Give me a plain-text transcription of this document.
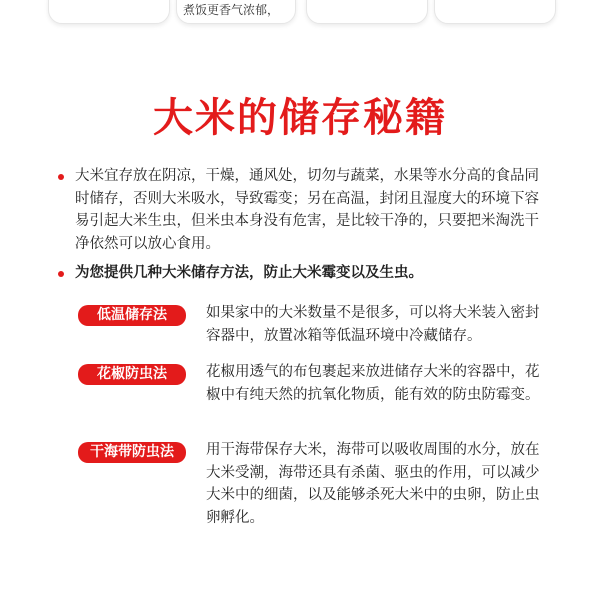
煮饭更香气浓郁，
大米的储存秘籍

大米宜存放在阴凉，干燥，通风处，切勿与蔬菜，水果等水分高的食品同时储存，否则大米吸水，导致霉变；另在高温，封闭且湿度大的环境下容易引起大米生虫，但米虫本身没有危害，是比较干净的，只要把米淘洗干净依然可以放心食用。

为您提供几种大米储存方法，防止大米霉变以及生虫。

低温储存法	如果家中的大米数量不是很多，可以将大米装入密封容器中，放置冰箱等低温环境中冷藏储存。

花椒防虫法	花椒用透气的布包裹起来放进储存大米的容器中，花椒中有纯天然的抗氧化物质，能有效的防虫防霉变。

干海带防虫法	用干海带保存大米，海带可以吸收周围的水分，放在大米受潮，海带还具有杀菌、驱虫的作用，可以减少大米中的细菌，以及能够杀死大米中的虫卵，防止虫卵孵化。
